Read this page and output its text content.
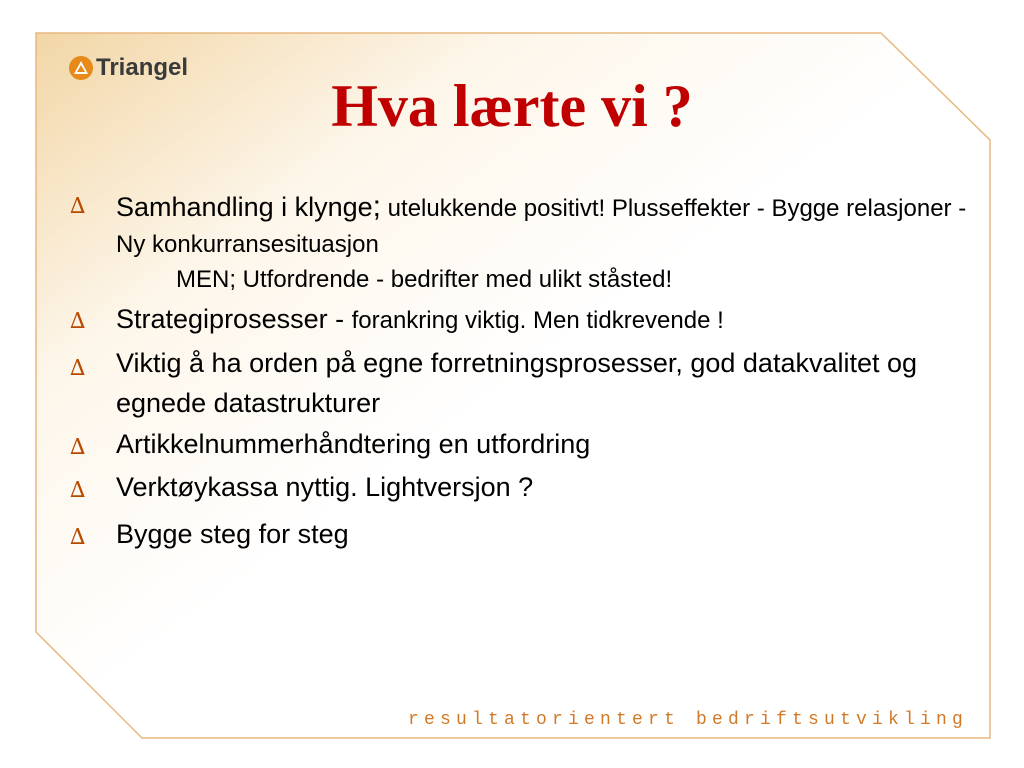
Triangel
Hva lærte vi ?
∆ Samhandling i klynge; utelukkende positivt! Plusseffekter - Bygge relasjoner - Ny konkurransesituasjon
MEN; Utfordrende - bedrifter med ulikt ståsted!
∆ Strategiprosesser - forankring viktig. Men tidkrevende !
∆ Viktig å ha orden på egne forretningsprosesser, god datakvalitet og egnede datastrukturer
∆ Artikkelnummerhåndtering en utfordring
∆ Verktøykassa nyttig. Lightversjon ?
∆ Bygge steg for steg
resultatorientert bedriftsutvikling
